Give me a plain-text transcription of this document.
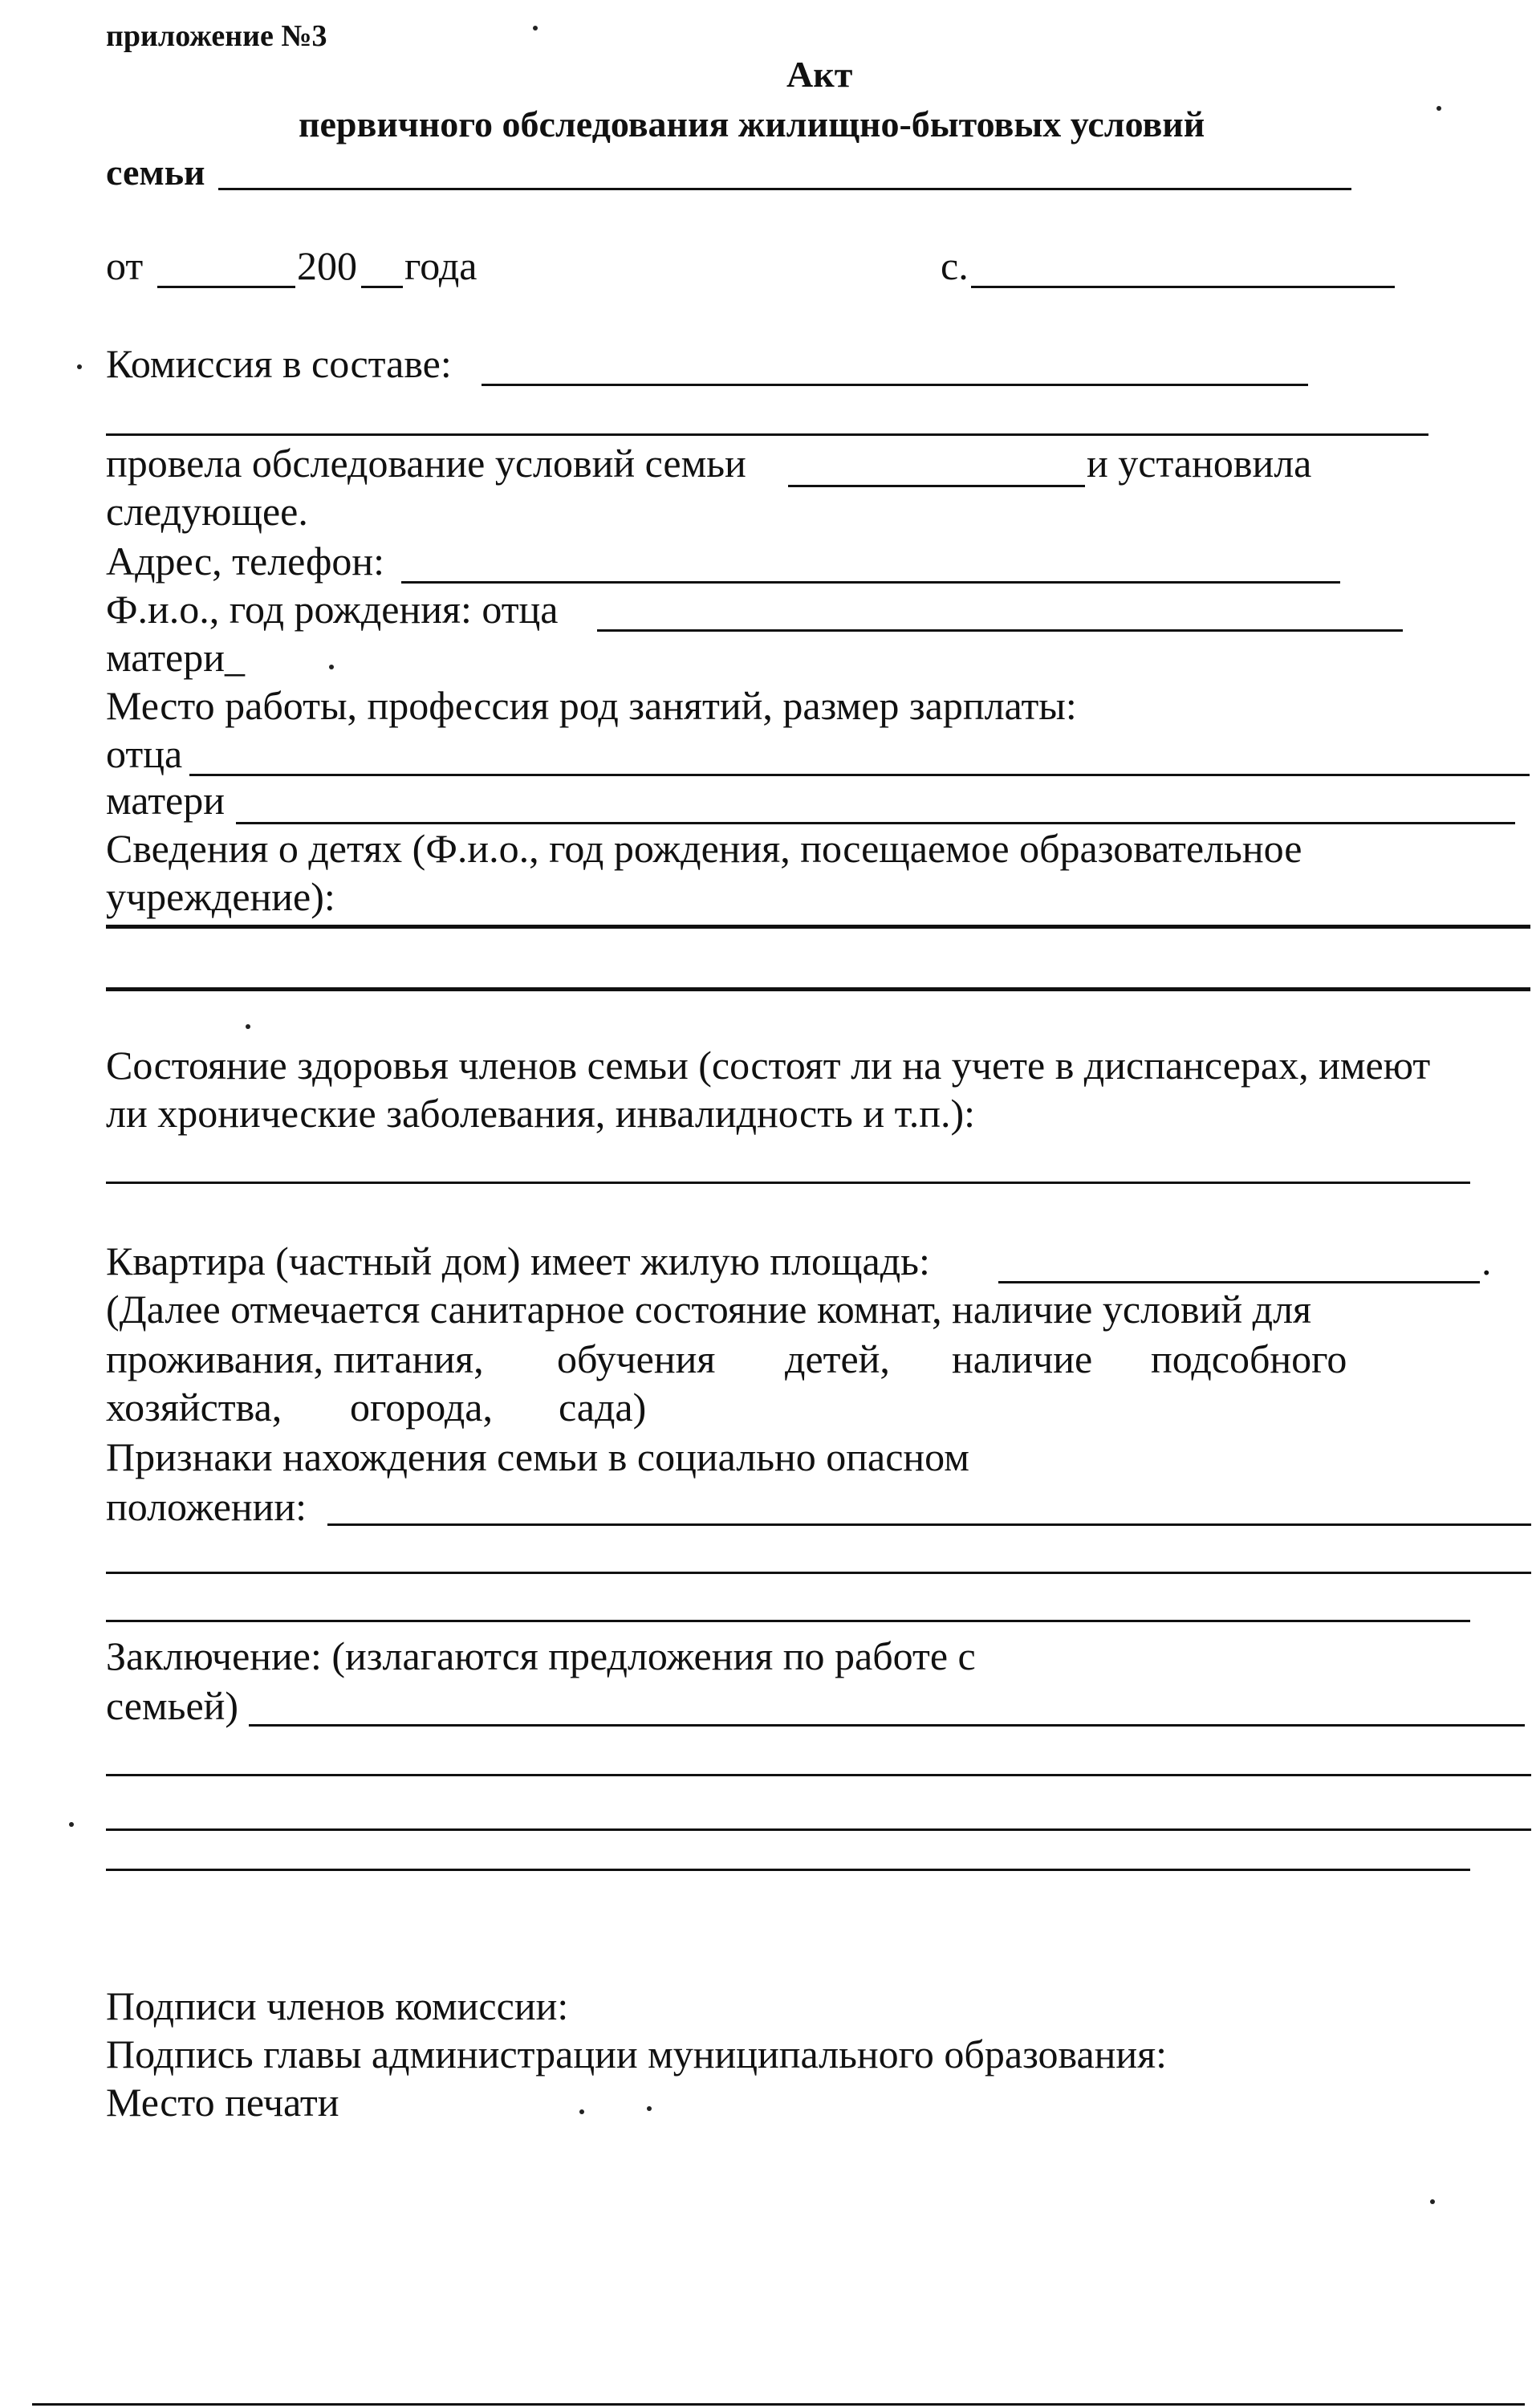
приложение №3
Акт
первичного обследования жилищно-бытовых условий
семьи
от	200 года	с.
Комиссия в составе:
провела обследование условий семьи	и установила
следующее.
Адрес, телефон:
Ф.и.о., год рождения: отца
матери_
Место работы, профессия род занятий, размер зарплаты:
отца
матери
Сведения о детях (Ф.и.о., год рождения, посещаемое образовательное
учреждение):
Состояние здоровья членов семьи (состоят ли на учете в диспансерах, имеют
ли хронические заболевания, инвалидность и т.п.):
Квартира (частный дом) имеет жилую площадь:	.
(Далее отмечается санитарное состояние комнат, наличие условий для
проживания, питания, обучения детей, наличие подсобного
хозяйства, огорода, сада)
Признаки нахождения семьи в социально опасном
положении:
Заключение: (излагаются предложения по работе с
семьей)
Подписи членов комиссии:
Подпись главы администрации муниципального образования:
Место печати
